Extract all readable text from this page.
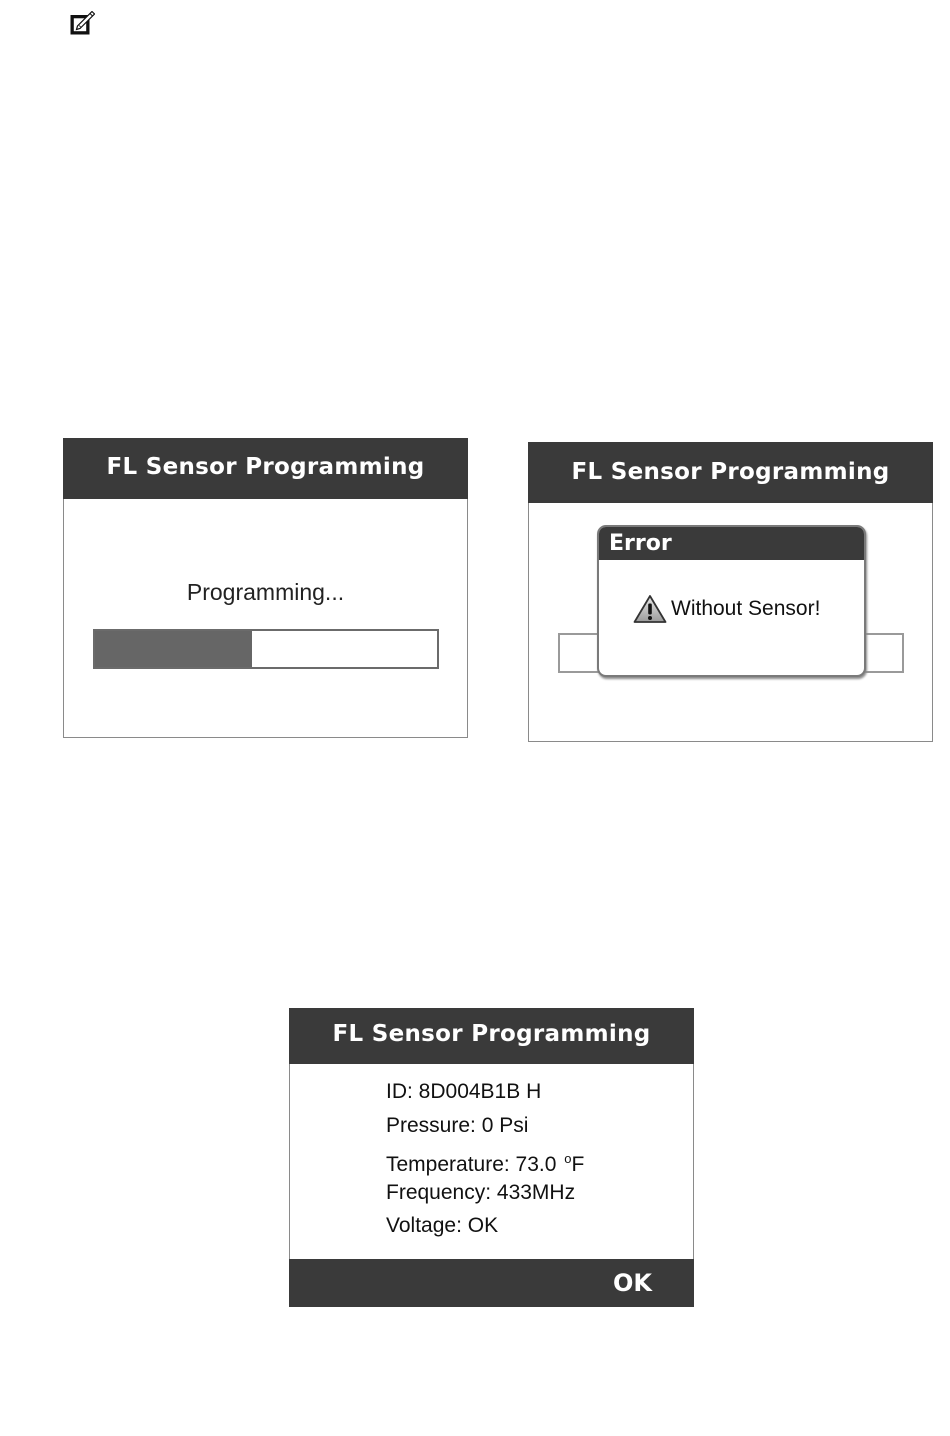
FL Sensor Programming
Programming...
FL Sensor Programming
Error
Without Sensor!
FL Sensor Programming
ID: 8D004B1B H
Pressure: 0 Psi
Temperature: 73.0 $^o$F
Frequency: 433MHz
Voltage: OK
OK
